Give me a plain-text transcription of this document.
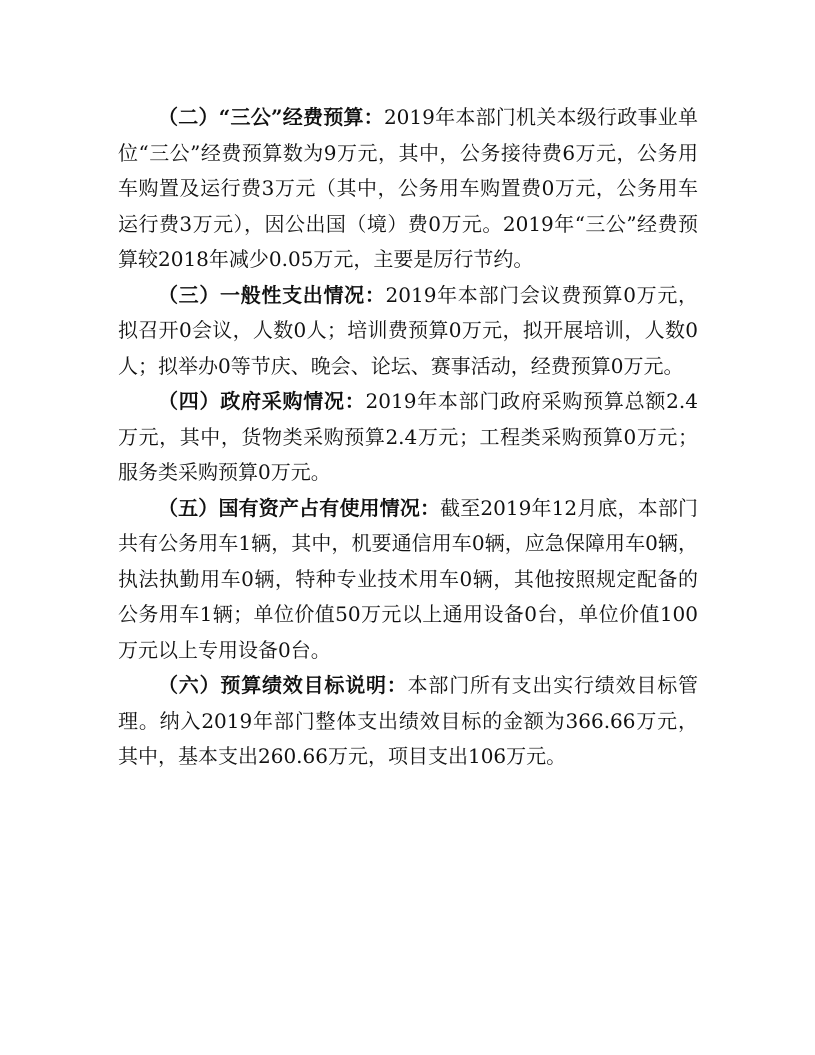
（二）“三公”经费预算：2019年本部门机关本级行政事业单位“三公”经费预算数为9万元，其中，公务接待费6万元，公务用车购置及运行费3万元（其中，公务用车购置费0万元，公务用车运行费3万元），因公出国（境）费0万元。2019年“三公”经费预算较2018年减少0.05万元，主要是厉行节约。

（三）一般性支出情况：2019年本部门会议费预算0万元，拟召开0会议，人数0人；培训费预算0万元，拟开展培训，人数0人；拟举办0等节庆、晚会、论坛、赛事活动，经费预算0万元。

（四）政府采购情况：2019年本部门政府采购预算总额2.4万元，其中，货物类采购预算2.4万元；工程类采购预算0万元；服务类采购预算0万元。

（五）国有资产占有使用情况：截至2019年12月底，本部门共有公务用车1辆，其中，机要通信用车0辆，应急保障用车0辆，执法执勤用车0辆，特种专业技术用车0辆，其他按照规定配备的公务用车1辆；单位价值50万元以上通用设备0台，单位价值100万元以上专用设备0台。

（六）预算绩效目标说明：本部门所有支出实行绩效目标管理。纳入2019年部门整体支出绩效目标的金额为366.66万元，其中，基本支出260.66万元，项目支出106万元。
